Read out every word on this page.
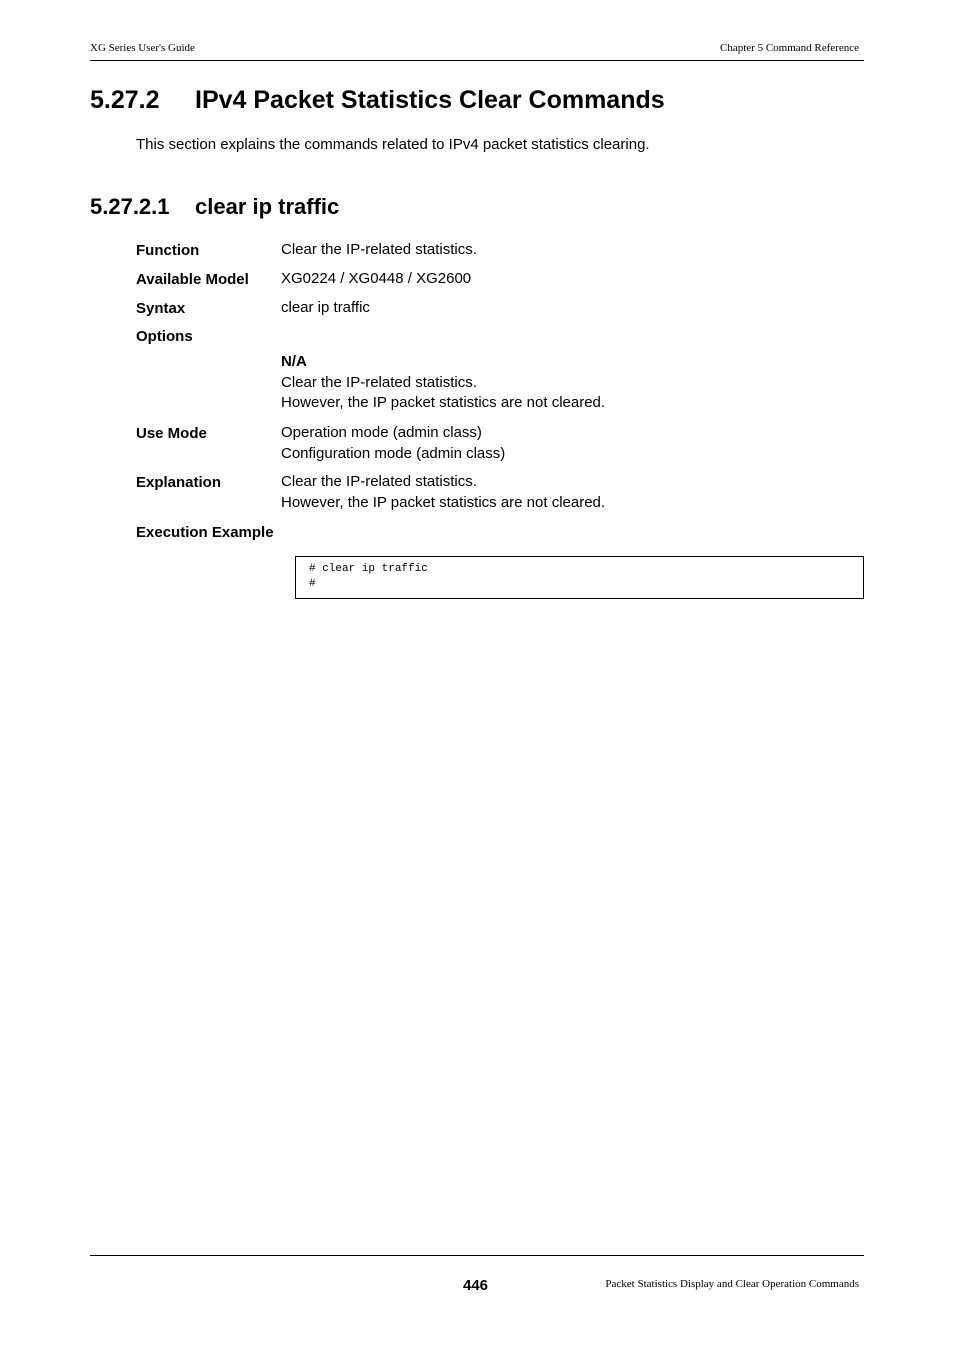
XG Series User's Guide	Chapter 5 Command Reference
5.27.2 IPv4 Packet Statistics Clear Commands
This section explains the commands related to IPv4 packet statistics clearing.
5.27.2.1 clear ip traffic
Function	Clear the IP-related statistics.
Available Model XG0224 / XG0448 / XG2600
Syntax	clear ip traffic
Options
N/A
Clear the IP-related statistics.
However, the IP packet statistics are not cleared.
Use Mode	Operation mode (admin class)
Configuration mode (admin class)
Explanation	Clear the IP-related statistics.
However, the IP packet statistics are not cleared.
Execution Example
# clear ip traffic
#
446	Packet Statistics Display and Clear Operation Commands
